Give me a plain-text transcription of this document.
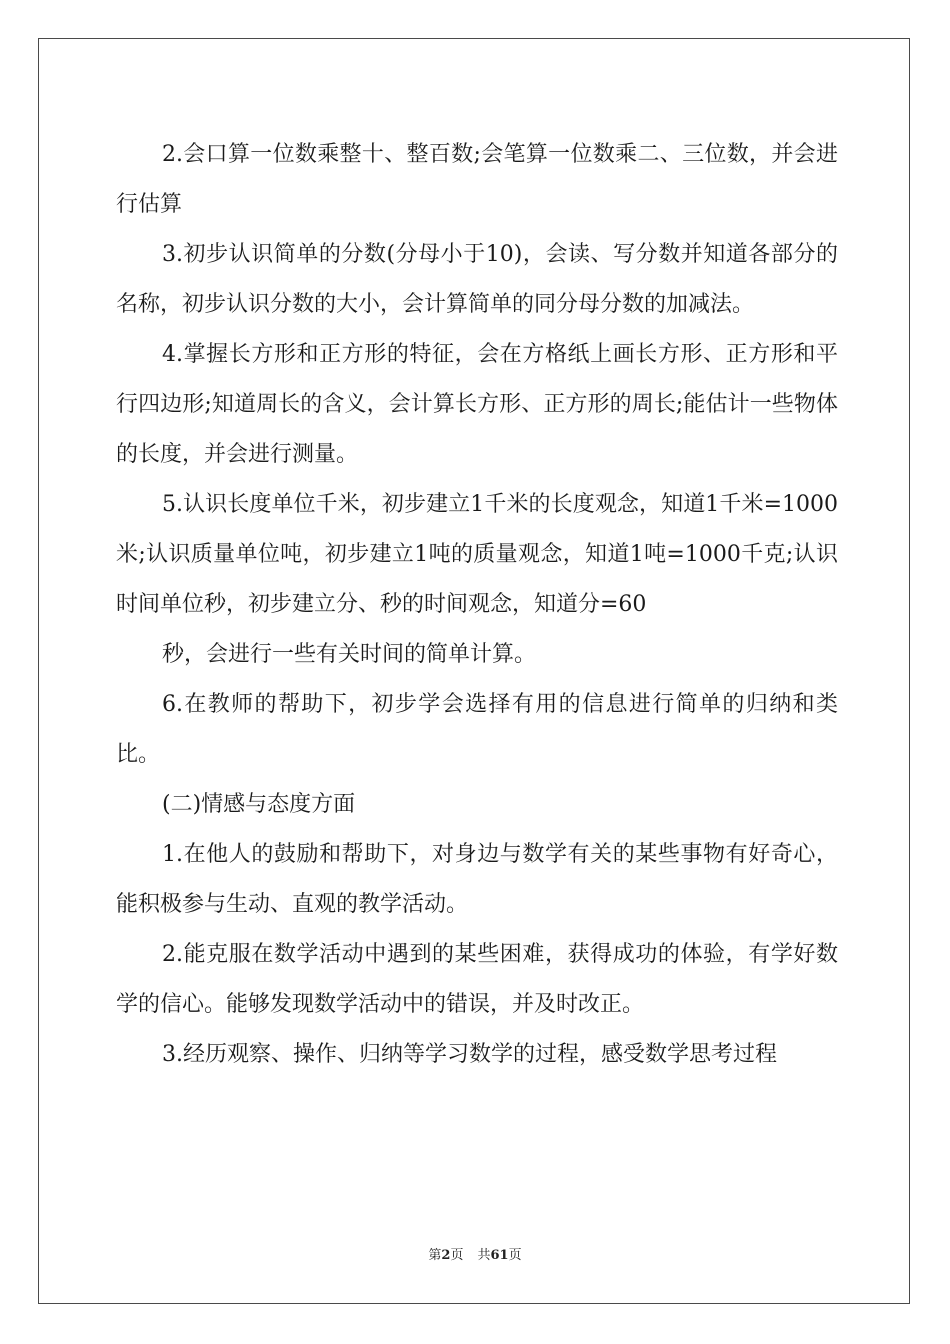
2.会口算一位数乘整十、整百数;会笔算一位数乘二、三位数，并会进行估算

3.初步认识简单的分数(分母小于10)，会读、写分数并知道各部分的名称，初步认识分数的大小，会计算简单的同分母分数的加减法。

4.掌握长方形和正方形的特征，会在方格纸上画长方形、正方形和平行四边形;知道周长的含义，会计算长方形、正方形的周长;能估计一些物体的长度，并会进行测量。

5.认识长度单位千米，初步建立1千米的长度观念，知道1千米=1000米;认识质量单位吨，初步建立1吨的质量观念，知道1吨=1000千克;认识时间单位秒，初步建立分、秒的时间观念，知道分=60

秒，会进行一些有关时间的简单计算。

6.在教师的帮助下，初步学会选择有用的信息进行简单的归纳和类比。

(二)情感与态度方面

1.在他人的鼓励和帮助下，对身边与数学有关的某些事物有好奇心，能积极参与生动、直观的教学活动。

2.能克服在数学活动中遇到的某些困难，获得成功的体验，有学好数学的信心。能够发现数学活动中的错误，并及时改正。

3.经历观察、操作、归纳等学习数学的过程，感受数学思考过程

第2页 共61页
